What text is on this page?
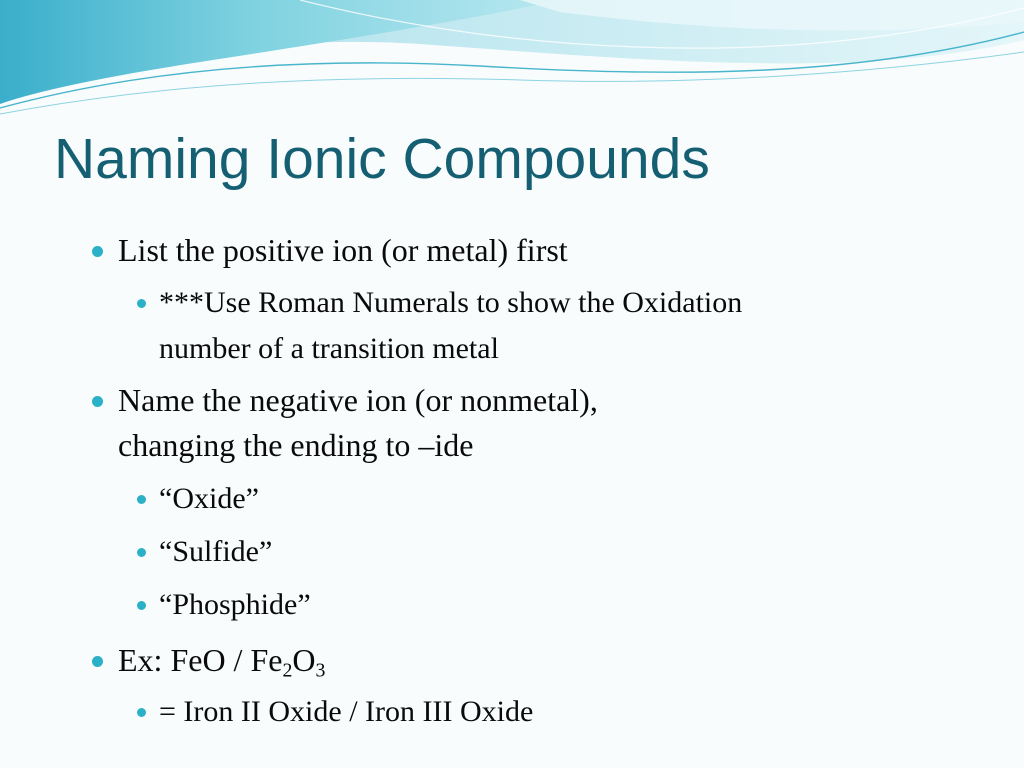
Naming Ionic Compounds
List the positive ion (or metal) first
***Use Roman Numerals to show the Oxidation
number of a transition metal
Name the negative ion (or nonmetal),
changing the ending to –ide
“Oxide”
“Sulfide”
“Phosphide”
Ex: FeO / $Fe_2O_3$
= Iron II Oxide / Iron III Oxide
